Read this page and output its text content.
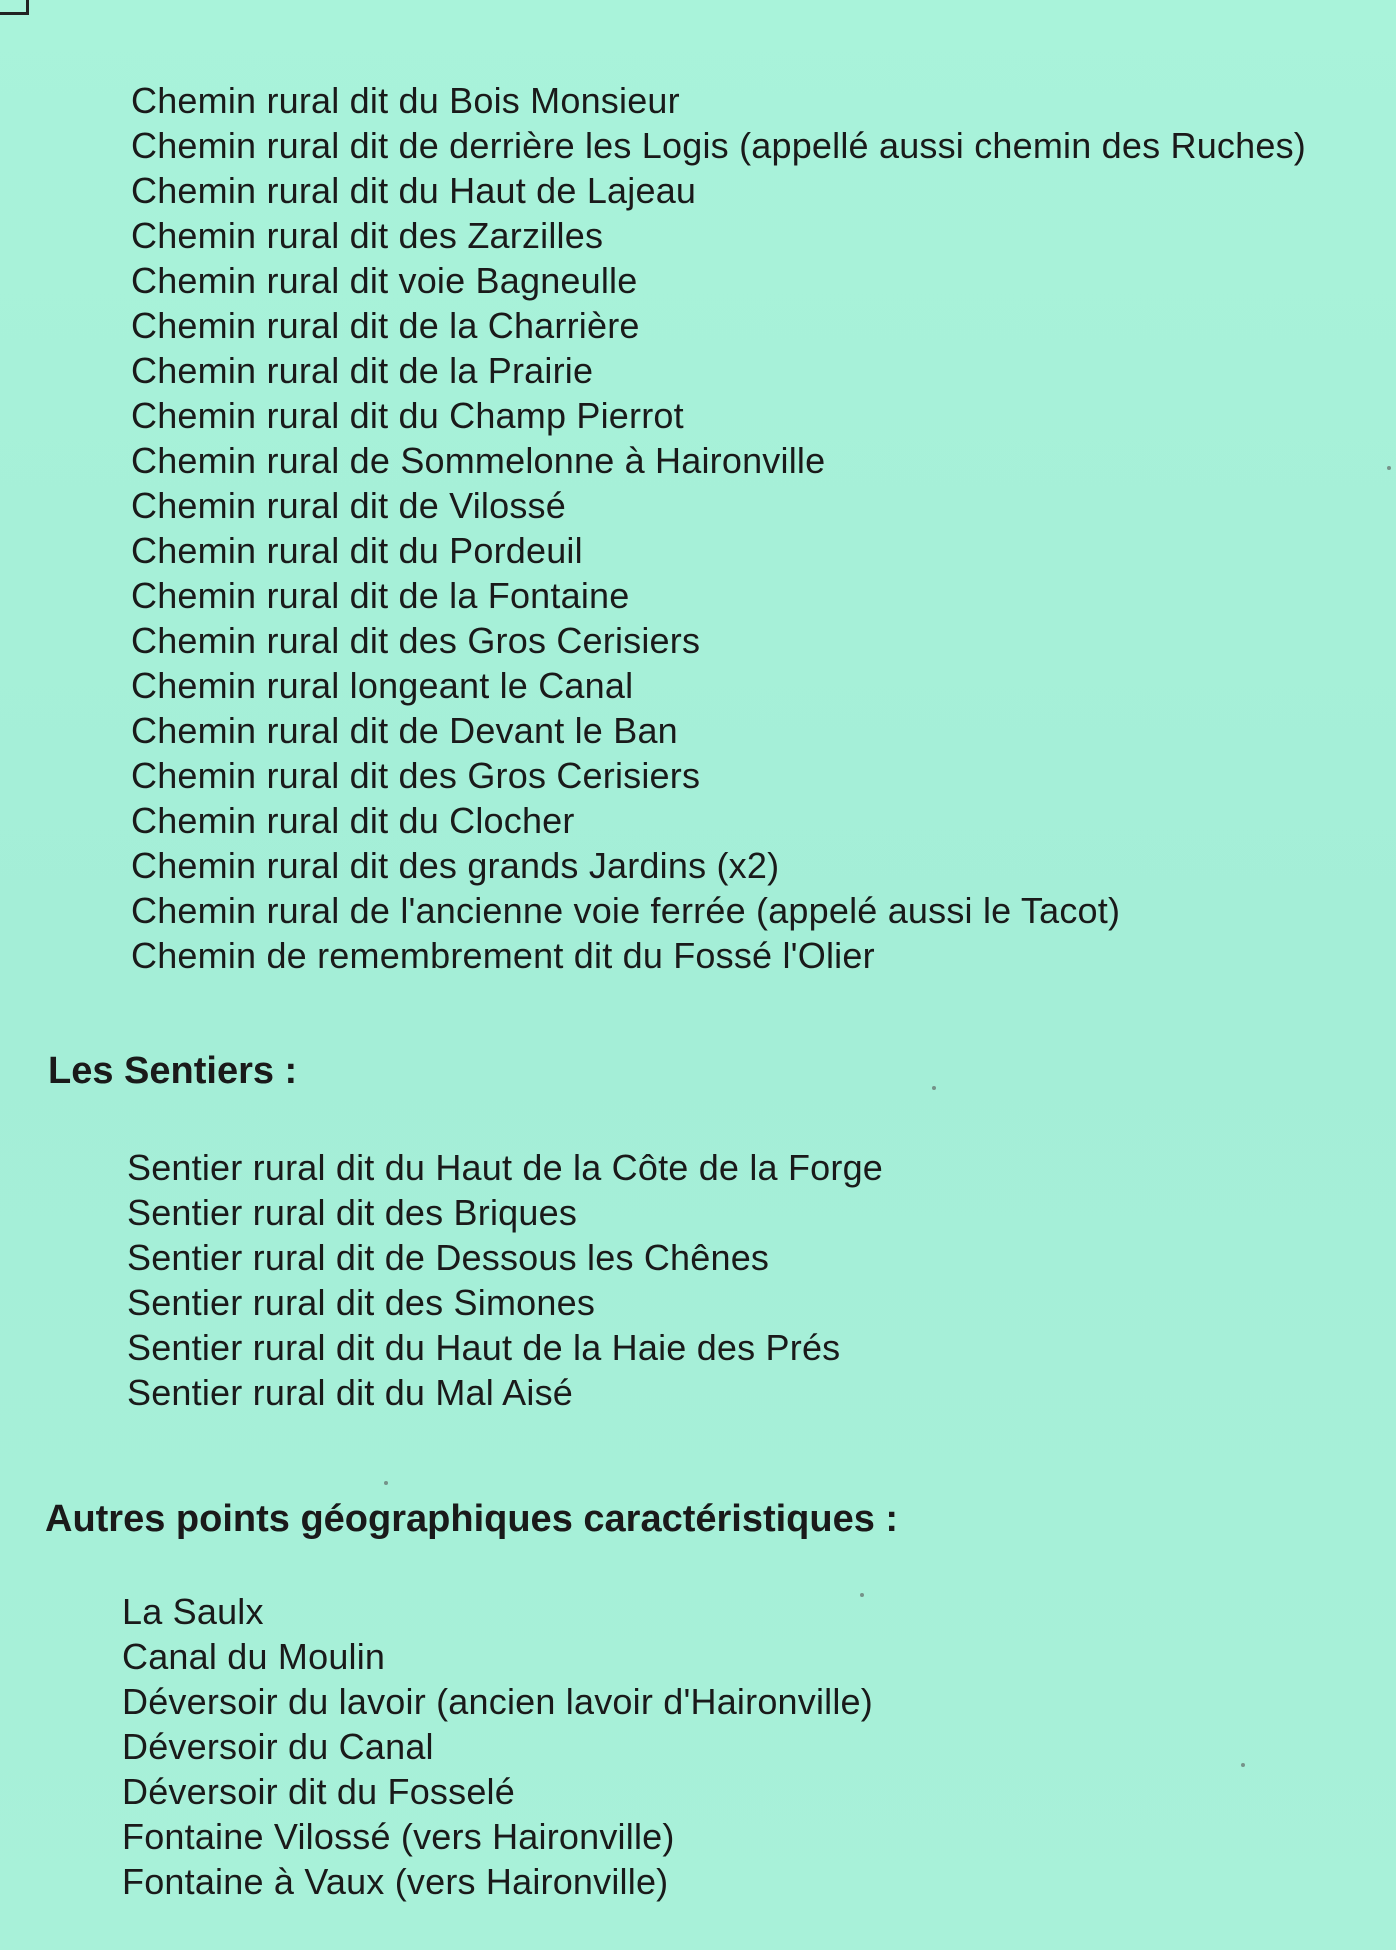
Chemin rural dit du Bois Monsieur
Chemin rural dit de derrière les Logis (appellé aussi chemin des Ruches)
Chemin rural dit du Haut de Lajeau
Chemin rural dit des Zarzilles
Chemin rural dit voie Bagneulle
Chemin rural dit de la Charrière
Chemin rural dit de la Prairie
Chemin rural dit du Champ Pierrot
Chemin rural de Sommelonne à Haironville
Chemin rural dit de Vilossé
Chemin rural dit du Pordeuil
Chemin rural dit de la Fontaine
Chemin rural dit des Gros Cerisiers
Chemin rural longeant le Canal
Chemin rural dit de Devant le Ban
Chemin rural dit des Gros Cerisiers
Chemin rural dit du Clocher
Chemin rural dit des grands Jardins (x2)
Chemin rural de l'ancienne voie ferrée (appelé aussi le Tacot)
Chemin de remembrement dit du Fossé l'Olier
Les Sentiers :
Sentier rural dit du Haut de la Côte de la Forge
Sentier rural dit des Briques
Sentier rural dit de Dessous les Chênes
Sentier rural dit des Simones
Sentier rural dit du Haut de la Haie des Prés
Sentier rural dit du Mal Aisé
Autres points géographiques caractéristiques :
La Saulx
Canal du Moulin
Déversoir du lavoir (ancien lavoir d'Haironville)
Déversoir du Canal
Déversoir dit du Fosselé
Fontaine Vilossé (vers Haironville)
Fontaine à Vaux (vers Haironville)
